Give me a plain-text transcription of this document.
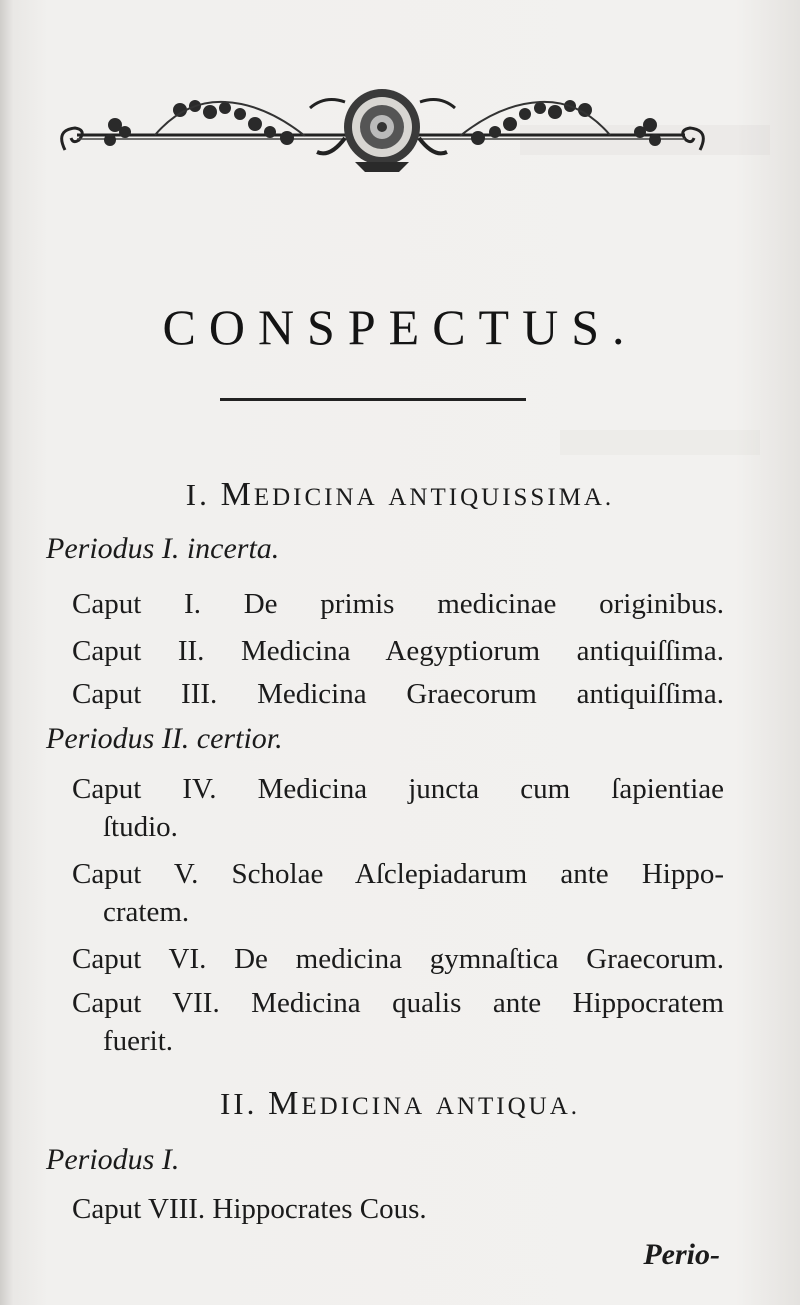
CONSPECTUS.
I. MEDICINA ANTIQUISSIMA.
Periodus I. incerta.
Caput I. De primis medicinae originibus.
Caput II. Medicina Aegyptiorum antiquiſſima.
Caput III. Medicina Graecorum antiquiſſima.
Periodus II. certior.
Caput IV. Medicina juncta cum ſapientiae
ſtudio.
Caput V. Scholae Aſclepiadarum ante Hippo-
cratem.
Caput VI. De medicina gymnaſtica Graecorum.
Caput VII. Medicina qualis ante Hippocratem
fuerit.
II. MEDICINA ANTIQUA.
Periodus I.
Caput VIII. Hippocrates Cous.
Perio-
